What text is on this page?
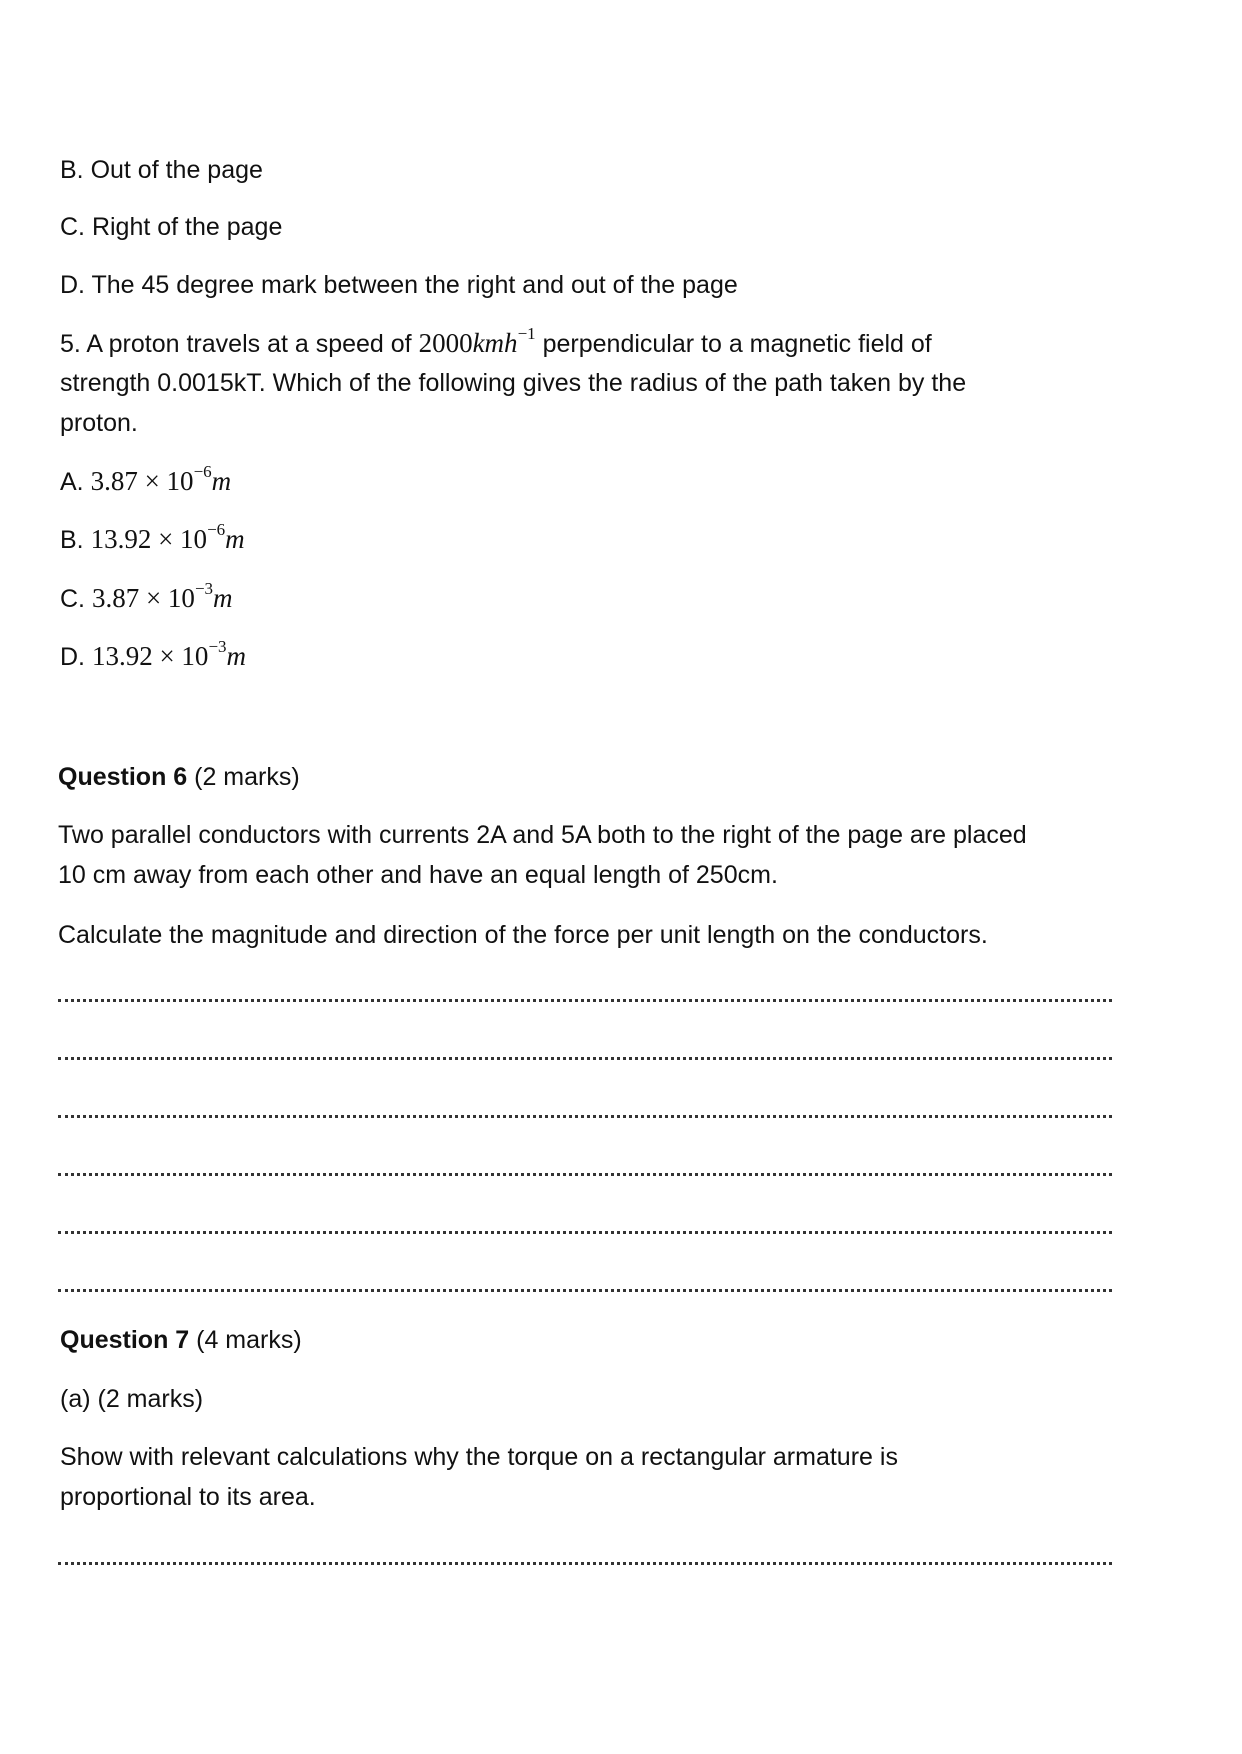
B. Out of the page
C. Right of the page
D. The 45 degree mark between the right and out of the page
5. A proton travels at a speed of 2000kmh$^{-1}$ perpendicular to a magnetic field of
strength 0.0015kT. Which of the following gives the radius of the path taken by the
proton.
A. $3.87 \times 10^{-6}m$
B. $13.92 \times 10^{-6}m$
C. $3.87 \times 10^{-3}m$
D. $13.92 \times 10^{-3}m$
Question 6 (2 marks)
Two parallel conductors with currents 2A and 5A both to the right of the page are placed
10 cm away from each other and have an equal length of 250cm.
Calculate the magnitude and direction of the force per unit length on the conductors.
Question 7 (4 marks)
(a) (2 marks)
Show with relevant calculations why the torque on a rectangular armature is
proportional to its area.
